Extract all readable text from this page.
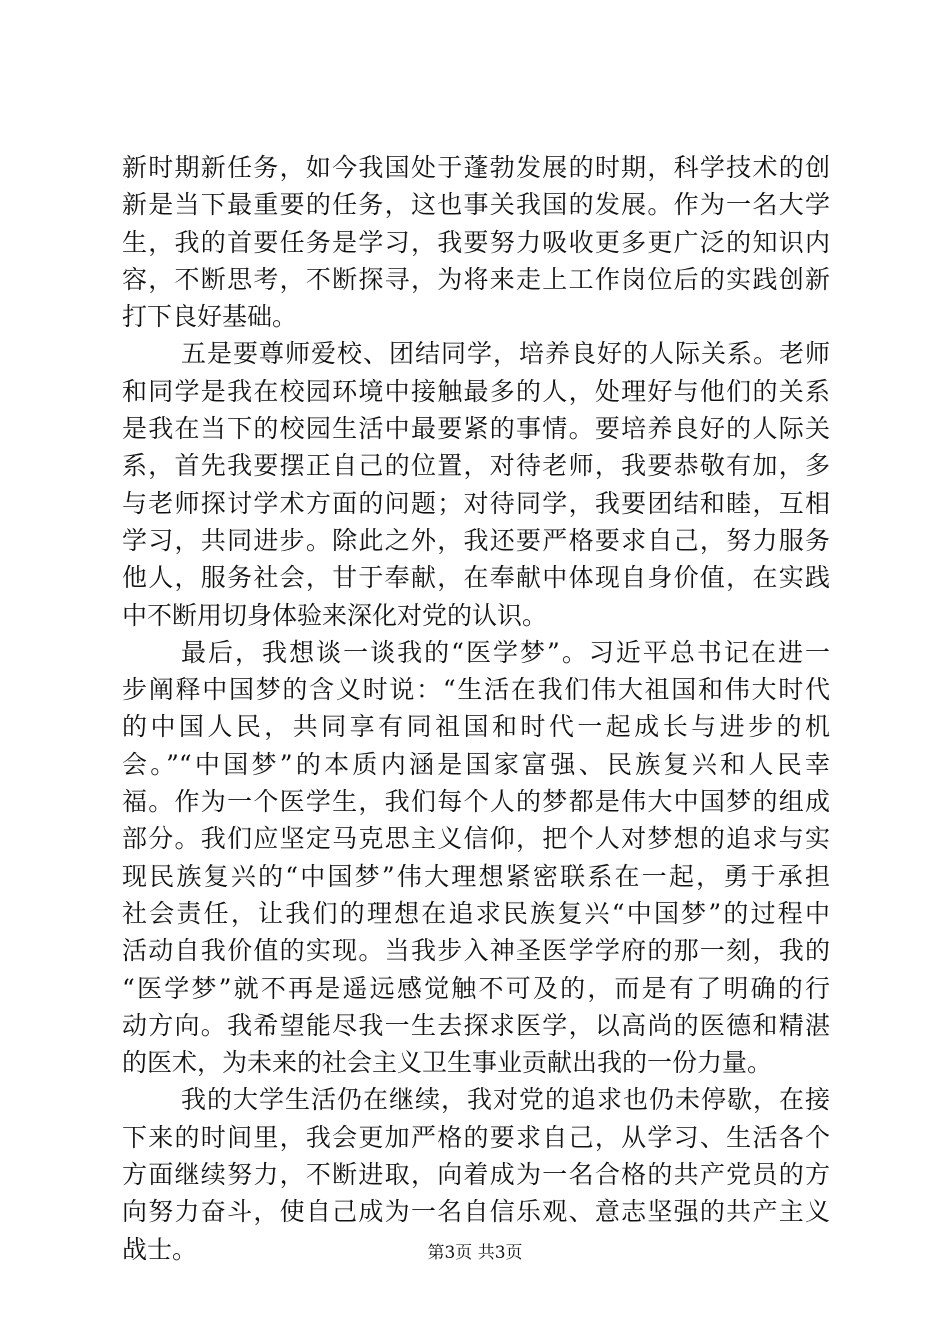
新时期新任务，如今我国处于蓬勃发展的时期，科学技术的创
新是当下最重要的任务，这也事关我国的发展。作为一名大学
生，我的首要任务是学习，我要努力吸收更多更广泛的知识内
容，不断思考，不断探寻，为将来走上工作岗位后的实践创新
打下良好基础。
五是要尊师爱校、团结同学，培养良好的人际关系。老师
和同学是我在校园环境中接触最多的人，处理好与他们的关系
是我在当下的校园生活中最要紧的事情。要培养良好的人际关
系，首先我要摆正自己的位置，对待老师，我要恭敬有加，多
与老师探讨学术方面的问题；对待同学，我要团结和睦，互相
学习，共同进步。除此之外，我还要严格要求自己，努力服务
他人，服务社会，甘于奉献，在奉献中体现自身价值，在实践
中不断用切身体验来深化对党的认识。
最后，我想谈一谈我的“医学梦”。习近平总书记在进一
步阐释中国梦的含义时说：“生活在我们伟大祖国和伟大时代
的中国人民，共同享有同祖国和时代一起成长与进步的机
会。”“中国梦”的本质内涵是国家富强、民族复兴和人民幸
福。作为一个医学生，我们每个人的梦都是伟大中国梦的组成
部分。我们应坚定马克思主义信仰，把个人对梦想的追求与实
现民族复兴的“中国梦”伟大理想紧密联系在一起，勇于承担
社会责任，让我们的理想在追求民族复兴“中国梦”的过程中
活动自我价值的实现。当我步入神圣医学学府的那一刻，我的
“医学梦”就不再是遥远感觉触不可及的，而是有了明确的行
动方向。我希望能尽我一生去探求医学，以高尚的医德和精湛
的医术，为未来的社会主义卫生事业贡献出我的一份力量。
我的大学生活仍在继续，我对党的追求也仍未停歇，在接
下来的时间里，我会更加严格的要求自己，从学习、生活各个
方面继续努力，不断进取，向着成为一名合格的共产党员的方
向努力奋斗，使自己成为一名自信乐观、意志坚强的共产主义
战士。	第3页 共3页
